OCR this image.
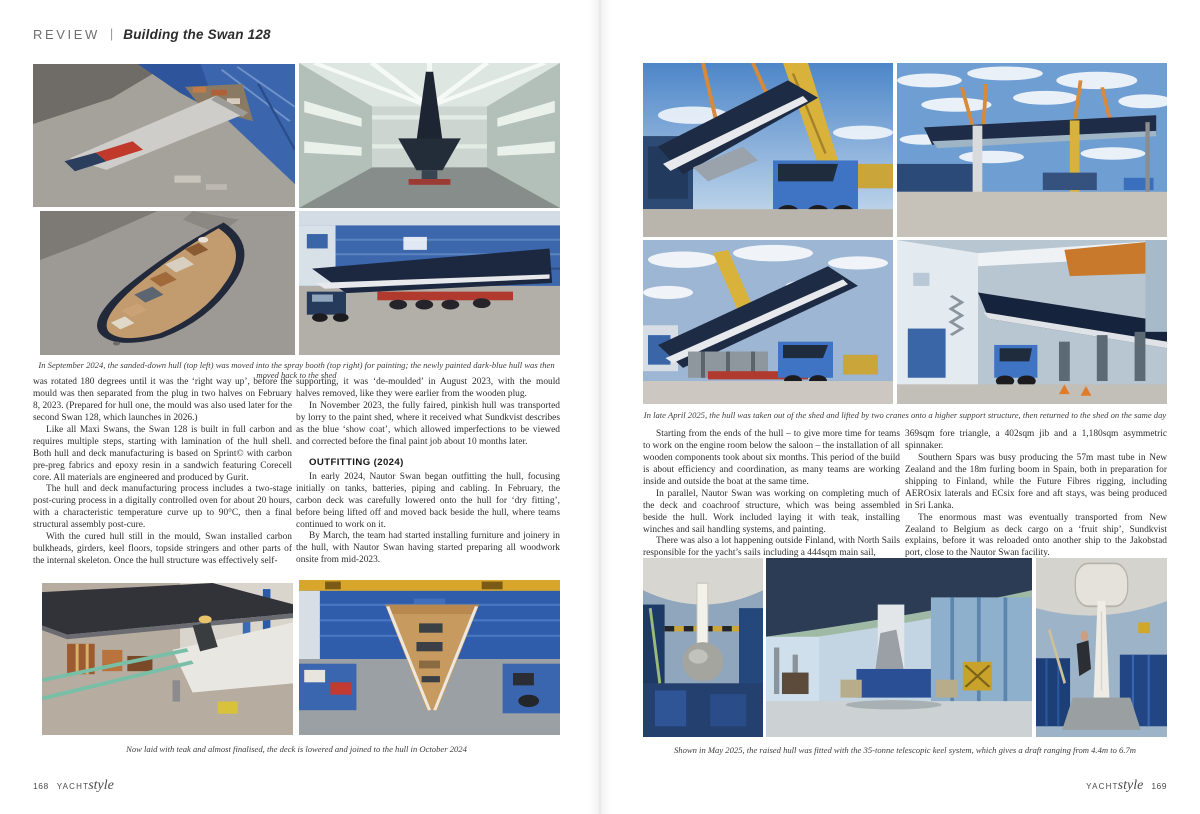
REVIEW | Building the Swan 128
In September 2024, the sanded-down hull (top left) was moved into the spray booth (top right) for painting; the newly painted dark-blue hull was then moved back to the shed

was rotated 180 degrees until it was the ‘right way up’, before the mould was then separated from the plug in two halves on February 8, 2023. (Prepared for hull one, the mould was also used later for the second Swan 128, which launches in 2026.)

Like all Maxi Swans, the Swan 128 is built in full carbon and requires multiple steps, starting with lamination of the hull shell. Both hull and deck manufacturing is based on Sprint© with carbon pre-preg fabrics and epoxy resin in a sandwich featuring Corecell core. All materials are engineered and produced by Gurit.

The hull and deck manufacturing process includes a two-stage post-curing process in a digitally controlled oven for about 20 hours, with a characteristic temperature curve up to 90°C, then a final structural assembly post-cure.

With the cured hull still in the mould, Swan installed carbon bulkheads, girders, keel floors, topside stringers and other parts of the internal skeleton. Once the hull structure was effectively self-

supporting, it was ‘de-moulded’ in August 2023, with the mould halves removed, like they were earlier from the wooden plug.

In November 2023, the fully faired, pinkish hull was transported by lorry to the paint shed, where it received what Sundkvist describes as the blue ‘show coat’, which allowed imperfections to be viewed and corrected before the final paint job about 10 months later.

OUTFITTING (2024)

In early 2024, Nautor Swan began outfitting the hull, focusing initially on tanks, batteries, piping and cabling. In February, the carbon deck was carefully lowered onto the hull for ‘dry fitting’, before being lifted off and moved back beside the hull, where teams continued to work on it.

By March, the team had started installing furniture and joinery in the hull, with Nautor Swan having started preparing all woodwork onsite from mid-2023.

Now laid with teak and almost finalised, the deck is lowered and joined to the hull in October 2024
168 YACHTstyle
In late April 2025, the hull was taken out of the shed and lifted by two cranes onto a higher support structure, then returned to the shed on the same day

Starting from the ends of the hull – to give more time for teams to work on the engine room below the saloon – the installation of all wooden components took about six months. This period of the build is about efficiency and coordination, as many teams are working inside and outside the boat at the same time.

In parallel, Nautor Swan was working on completing much of the deck and coachroof structure, which was being assembled beside the hull. Work included laying it with teak, installing winches and sail handling systems, and painting.

There was also a lot happening outside Finland, with North Sails responsible for the yacht’s sails including a 444sqm main sail,

369sqm fore triangle, a 402sqm jib and a 1,180sqm asymmetric spinnaker.

Southern Spars was busy producing the 57m mast tube in New Zealand and the 18m furling boom in Spain, both in preparation for shipping to Finland, while the Future Fibres rigging, including AEROsix laterals and ECsix fore and aft stays, was being produced in Sri Lanka.

The enormous mast was eventually transported from New Zealand to Belgium as deck cargo on a ‘fruit ship’, Sundkvist explains, before it was reloaded onto another ship to the Jakobstad port, close to the Nautor Swan facility.

Shown in May 2025, the raised hull was fitted with the 35-tonne telescopic keel system, which gives a draft ranging from 4.4m to 6.7m
YACHTstyle 169
